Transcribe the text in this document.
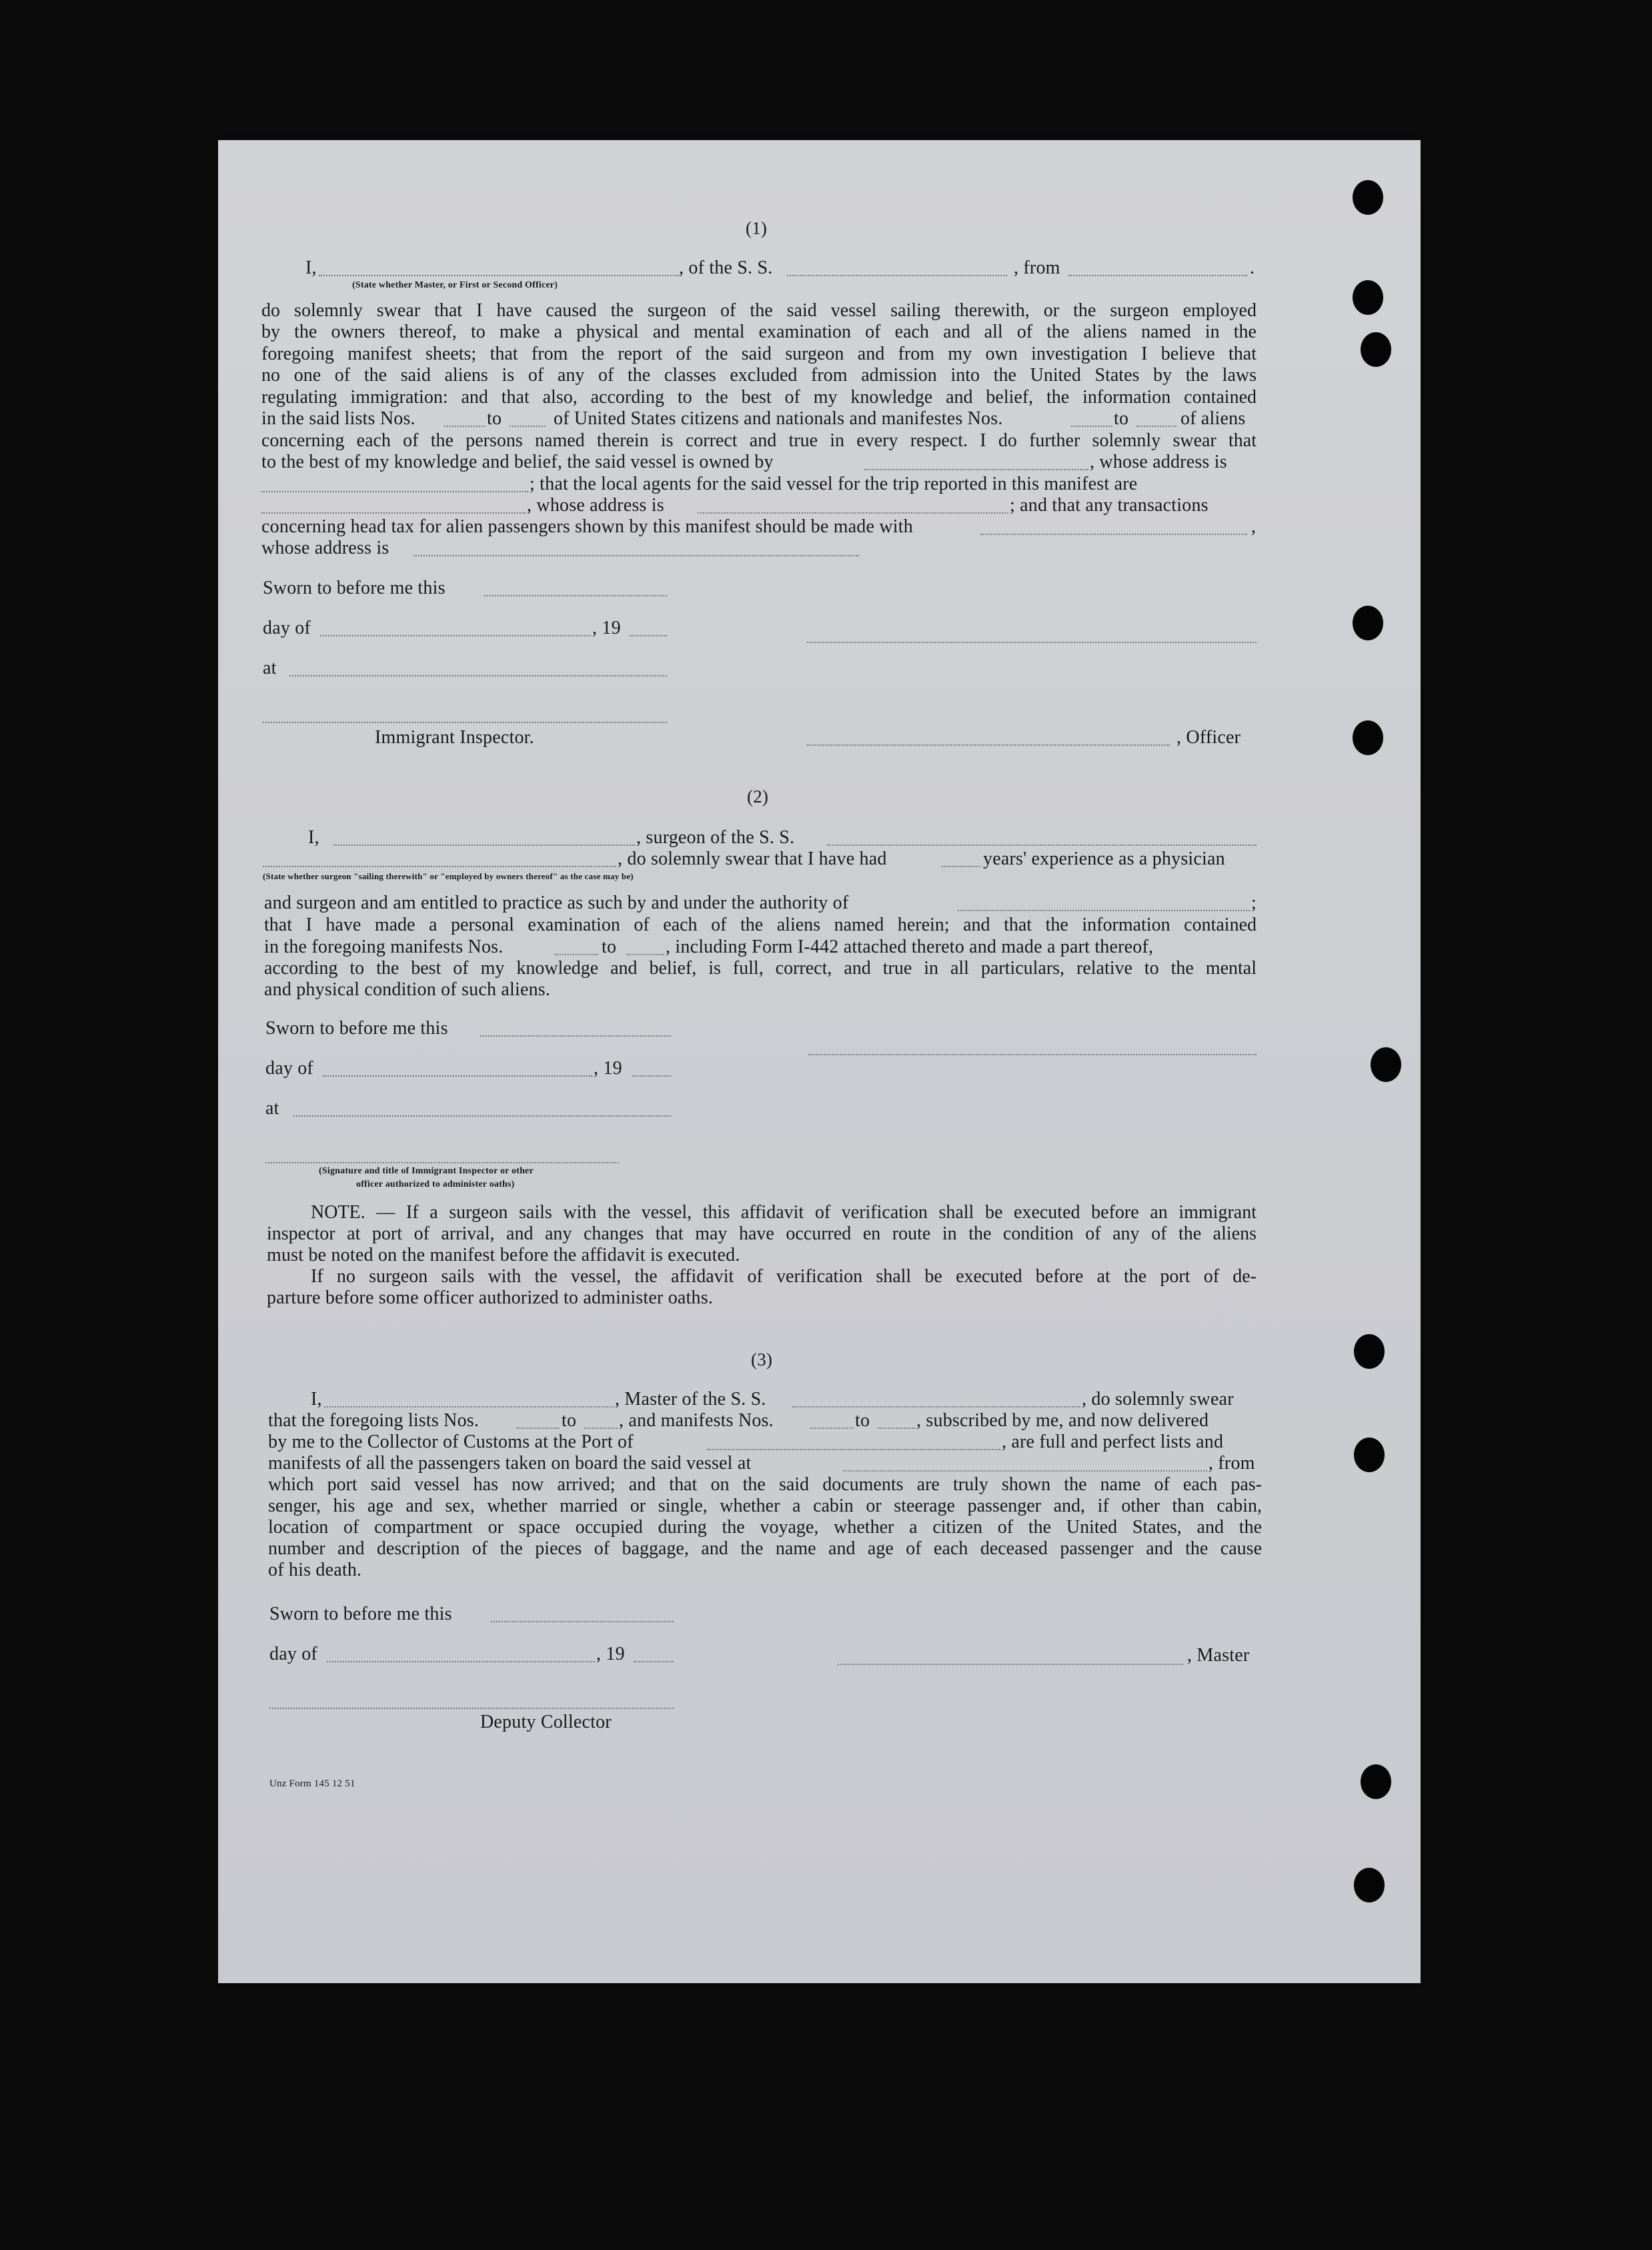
(1)
I,	, of the S. S.	, from	.
(State whether Master, or First or Second Officer)
do solemnly swear that I have caused the surgeon of the said vessel sailing therewith, or the surgeon employed
by the owners thereof, to make a physical and mental examination of each and all of the aliens named in the
foregoing manifest sheets; that from the report of the said surgeon and from my own investigation I believe that
no one of the said aliens is of any of the classes excluded from admission into the United States by the laws
regulating immigration: and that also, according to the best of my knowledge and belief, the information contained
in the said lists Nos.	to	of United States citizens and nationals and manifestes Nos.	to	of aliens
concerning each of the persons named therein is correct and true in every respect. I do further solemnly swear that
to the best of my knowledge and belief, the said vessel is owned by	, whose address is
; that the local agents for the said vessel for the trip reported in this manifest are
, whose address is	; and that any transactions
concerning head tax for alien passengers shown by this manifest should be made with	,
whose address is
Sworn to before me this
day of	, 19
at
Immigrant Inspector.	, Officer
(2)
I,	, surgeon of the S. S.
, do solemnly swear that I have had	years' experience as a physician
(State whether surgeon "sailing therewith" or "employed by owners thereof" as the case may be)
and surgeon and am entitled to practice as such by and under the authority of	;
that I have made a personal examination of each of the aliens named herein; and that the information contained
in the foregoing manifests Nos.	to	, including Form I-442 attached thereto and made a part thereof,
according to the best of my knowledge and belief, is full, correct, and true in all particulars, relative to the mental
and physical condition of such aliens.
Sworn to before me this
day of	, 19
at
(Signature and title of Immigrant Inspector or other
officer authorized to administer oaths)
NOTE. — If a surgeon sails with the vessel, this affidavit of verification shall be executed before an immigrant
inspector at port of arrival, and any changes that may have occurred en route in the condition of any of the aliens
must be noted on the manifest before the affidavit is executed.
If no surgeon sails with the vessel, the affidavit of verification shall be executed before at the port of de-
parture before some officer authorized to administer oaths.
(3)
I,	, Master of the S. S.	, do solemnly swear
that the foregoing lists Nos.	to , and manifests Nos.	to , subscribed by me, and now delivered
by me to the Collector of Customs at the Port of	, are full and perfect lists and
manifests of all the passengers taken on board the said vessel at	, from
which port said vessel has now arrived; and that on the said documents are truly shown the name of each pas-
senger, his age and sex, whether married or single, whether a cabin or steerage passenger and, if other than cabin,
location of compartment or space occupied during the voyage, whether a citizen of the United States, and the
number and description of the pieces of baggage, and the name and age of each deceased passenger and the cause
of his death.
Sworn to before me this
day of	, 19	, Master
Deputy Collector
Unz Form 145 12 51
